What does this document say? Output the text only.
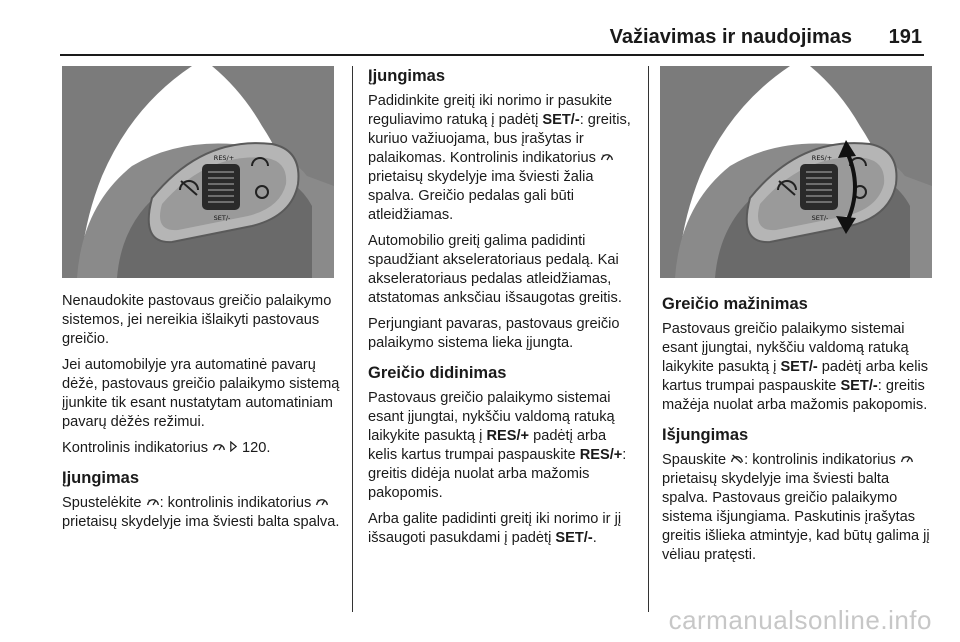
Važiavimas ir naudojimas 191
RES/+
SET/-
RES/+
SET/-

Nenaudokite pastovaus greičio palaikymo sistemos, jei nereikia išlaikyti pastovaus greičio.

Jei automobilyje yra automatinė pavarų dėžė, pastovaus greičio palaikymo sistemą įjunkite tik esant nustatytam automatiniam pavarų dėžės režimui.

Kontrolinis indikatorius   120.

Įjungimas

Spustelėkite : kontrolinis indikatorius  prietaisų skydelyje ima šviesti balta spalva.

Įjungimas

Padidinkite greitį iki norimo ir pasukite reguliavimo ratuką į padėtį SET/-: greitis, kuriuo važiuojama, bus įrašytas ir palaikomas. Kontrolinis indikatorius  prietaisų skydelyje ima šviesti žalia spalva. Greičio pedalas gali būti atleidžiamas.

Automobilio greitį galima padidinti spaudžiant akseleratoriaus pedalą. Kai akseleratoriaus pedalas atleidžiamas, atstatomas anksčiau išsaugotas greitis.

Perjungiant pavaras, pastovaus greičio palaikymo sistema lieka įjungta.

Greičio didinimas

Pastovaus greičio palaikymo sistemai esant įjungtai, nykščiu valdomą ratuką laikykite pasuktą į RES/+ padėtį arba kelis kartus trumpai paspauskite RES/+: greitis didėja nuolat arba mažomis pakopomis.

Arba galite padidinti greitį iki norimo ir jį išsaugoti pasukdami į padėtį SET/-.

Greičio mažinimas

Pastovaus greičio palaikymo sistemai esant įjungtai, nykščiu valdomą ratuką laikykite pasuktą į SET/- padėtį arba kelis kartus trumpai paspauskite SET/-: greitis mažėja nuolat arba mažomis pakopomis.

Išjungimas

Spauskite : kontrolinis indikatorius  prietaisų skydelyje ima šviesti balta spalva. Pastovaus greičio palaikymo sistema išjungiama. Paskutinis įrašytas greitis išlieka atmintyje, kad būtų galima jį vėliau pratęsti.

carmanualsonline.info
